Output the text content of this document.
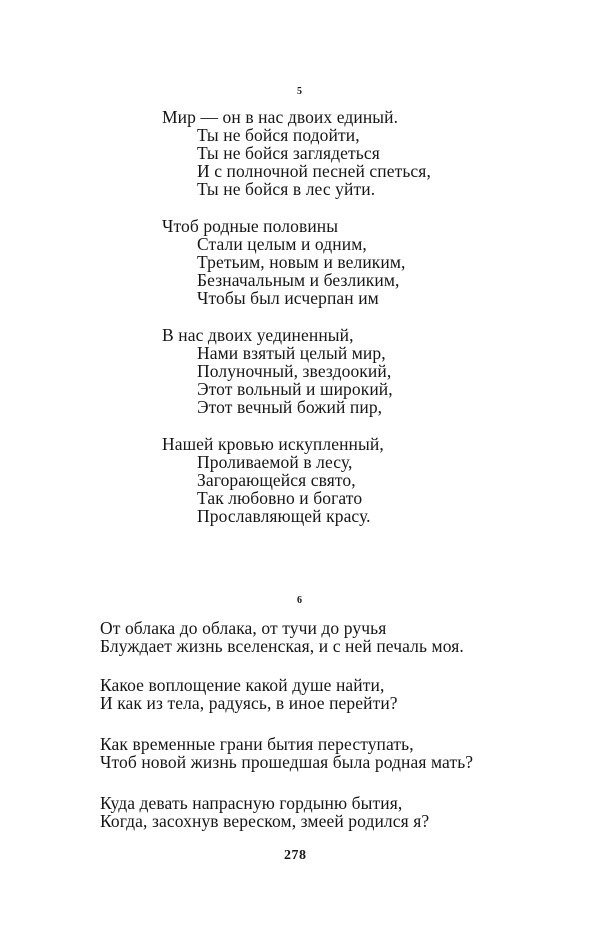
5
Мир — он в нас двоих единый.
Ты не бойся подойти,
Ты не бойся заглядеться
И с полночной песней спеться,
Ты не бойся в лес уйти.
Чтоб родные половины
Стали целым и одним,
Третьим, новым и великим,
Безначальным и безликим,
Чтобы был исчерпан им
В нас двоих уединенный,
Нами взятый целый мир,
Полуночный, звездоокий,
Этот вольный и широкий,
Этот вечный божий пир,
Нашей кровью искупленный,
Проливаемой в лесу,
Загорающейся свято,
Так любовно и богато
Прославляющей красу.
6
От облака до облака, от тучи до ручья
Блуждает жизнь вселенская, и с ней печаль моя.
Какое воплощение какой душе найти,
И как из тела, радуясь, в иное перейти?
Как временные грани бытия переступать,
Чтоб новой жизнь прошедшая была родная мать?
Куда девать напрасную гордыню бытия,
Когда, засохнув вереском, змеей родился я?
278
